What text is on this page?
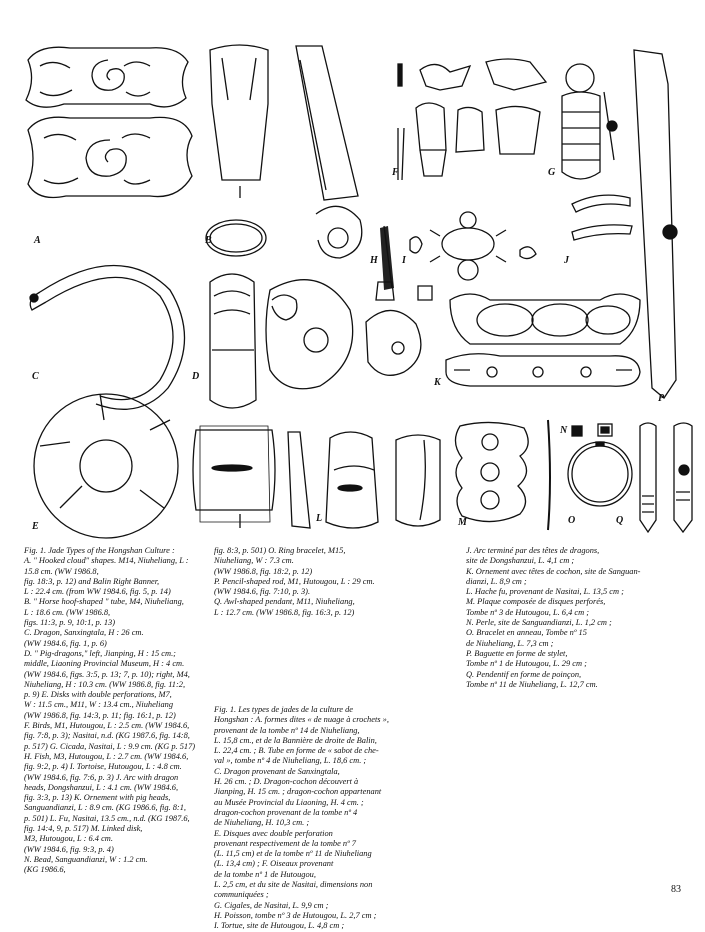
A	B
C	D
E
F	G
H I	J
K
L	M
N
O
P
Q
Fig. 1. Jade Types of the Hongshan Culture :
A. " Hooked cloud" shapes. M14, Niuheliang, L :
15.8 cm. (WW 1986.8,
fig. 18:3, p. 12) and Balin Right Banner,
L : 22.4 cm. (from WW 1984.6, fig. 5, p. 14)
B. " Horse hoof-shaped " tube, M4, Niuheliang,
L : 18.6 cm. (WW 1986.8,
figs. 11:3, p. 9, 10:1, p. 13)
C. Dragon, Sanxingtala, H : 26 cm.
(WW 1984.6, fig. 1, p. 6)
D. " Pig-dragons," left, Jianping, H : 15 cm.;
middle, Liaoning Provincial Museum, H : 4 cm.
(WW 1984.6, figs. 3:5, p. 13; 7, p. 10); right, M4,
Niuheliang, H : 10.3 cm. (WW 1986.8, fig. 11:2,
p. 9) E. Disks with double perforations, M7,
W : 11.5 cm., M11, W : 13.4 cm., Niuheliang
(WW 1986.8, fig. 14:3, p. 11; fig. 16:1, p. 12)
F. Birds, M1, Hutougou, L : 2.5 cm. (WW 1984.6,
fig. 7:8, p. 3); Nasitai, n.d. (KG 1987.6, fig. 14:8,
p. 517) G. Cicada, Nasitai, L : 9.9 cm. (KG p. 517)
H. Fish, M3, Hutougou, L : 2.7 cm. (WW 1984.6,
fig. 9:2, p. 4) I. Tortoise, Hutougou, L : 4.8 cm.
(WW 1984.6, fig. 7:6, p. 3) J. Arc with dragon
heads, Dongshanzui, L : 4.1 cm. (WW 1984.6,
fig. 3:3, p. 13) K. Ornement with pig heads,
Sanguandianzi, L : 8.9 cm. (KG 1986.6, fig. 8:1,
p. 501) L. Fu, Nasitai, 13.5 cm., n.d. (KG 1987.6,
fig. 14:4, 9, p. 517) M. Linked disk,
M3, Hutougou, L : 6.4 cm.
(WW 1984.6, fig. 9:3, p. 4)
N. Bead, Sanguandianzi, W : 1.2 cm.
(KG 1986.6,
fig. 8:3, p. 501) O. Ring bracelet, M15,
Niuheliang, W : 7.3 cm.
(WW 1986.8, fig. 18:2, p. 12)
P. Pencil-shaped rod, M1, Hutougou, L : 29 cm.
(WW 1984.6, fig. 7:10, p. 3).
Q. Awl-shaped pendant, M11, Niuheliang,
L : 12.7 cm. (WW 1986.8, fig. 16:3, p. 12)
Fig. 1. Les types de jades de la culture de
Hongshan : A. formes dites « de nuage à crochets »,
provenant de la tombe nº 14 de Niuheliang,
L. 15,8 cm., et de la Bannière de droite de Balin,
L. 22,4 cm. ; B. Tube en forme de « sabot de che-
val », tombe nº 4 de Niuheliang, L. 18,6 cm. ;
C. Dragon provenant de Sanxingtala,
H. 26 cm. ; D. Dragon-cochon découvert à
Jianping, H. 15 cm. ; dragon-cochon appartenant
au Musée Provincial du Liaoning, H. 4 cm. ;
dragon-cochon provenant de la tombe nº 4
de Niuheliang, H. 10,3 cm. ;
E. Disques avec double perforation
provenant respectivement de la tombe nº 7
(L. 11,5 cm) et de la tombe nº 11 de Niuheliang
(L. 13,4 cm) ; F. Oiseaux provenant
de la tombe nº 1 de Hutougou,
L. 2,5 cm, et du site de Nasitai, dimensions non
communiquées ;
G. Cigales, de Nasitai, L. 9,9 cm ;
H. Poisson, tombe nº 3 de Hutougou, L. 2,7 cm ;
I. Tortue, site de Hutougou, L. 4,8 cm ;
J. Arc terminé par des têtes de dragons,
site de Dongshanzui, L. 4,1 cm ;
K. Ornement avec têtes de cochon, site de Sanguan-
dianzi, L. 8,9 cm ;
L. Hache fu, provenant de Nasitai, L. 13,5 cm ;
M. Plaque composée de disques perforés,
Tombe nº 3 de Hutougou, L. 6,4 cm ;
N. Perle, site de Sanguandianzi, L. 1,2 cm ;
O. Bracelet en anneau, Tombe nº 15
de Niuheliang, L. 7,3 cm ;
P. Baguette en forme de stylet,
Tombe nº 1 de Hutougou, L. 29 cm ;
Q. Pendentif en forme de poinçon,
Tombe nº 11 de Niuheliang, L. 12,7 cm.
83
